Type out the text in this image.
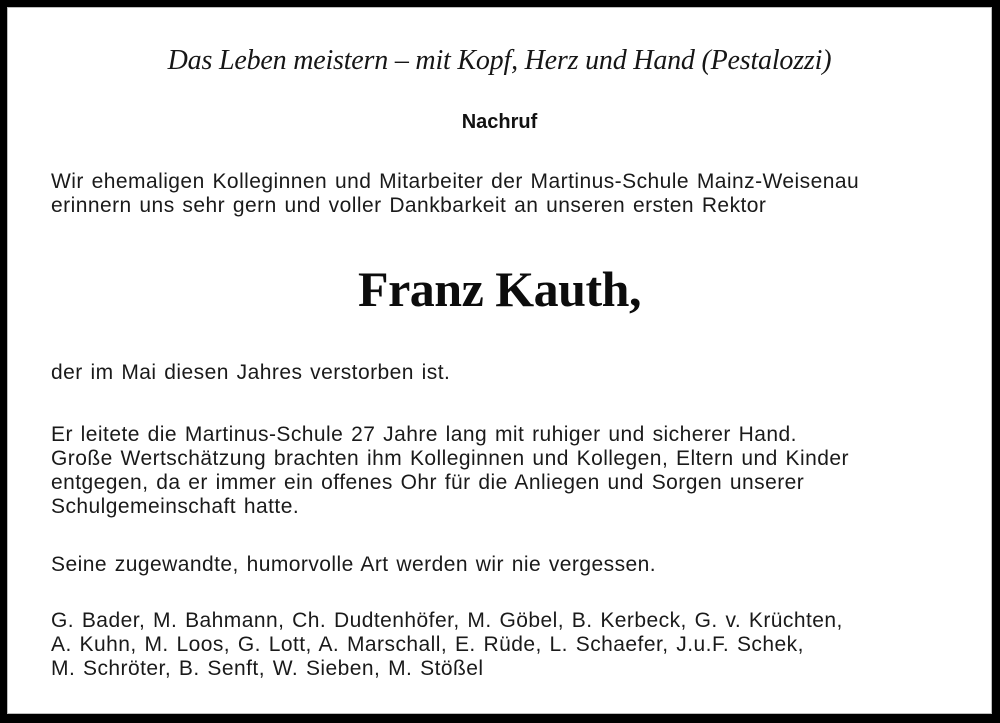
Das Leben meistern – mit Kopf, Herz und Hand (Pestalozzi)
Nachruf
Wir ehemaligen Kolleginnen und Mitarbeiter der Martinus-Schule Mainz-Weisenau
erinnern uns sehr gern und voller Dankbarkeit an unseren ersten Rektor
Franz Kauth,
der im Mai diesen Jahres verstorben ist.
Er leitete die Martinus-Schule 27 Jahre lang mit ruhiger und sicherer Hand.
Große Wertschätzung brachten ihm Kolleginnen und Kollegen, Eltern und Kinder
entgegen, da er immer ein offenes Ohr für die Anliegen und Sorgen unserer
Schulgemeinschaft hatte.
Seine zugewandte, humorvolle Art werden wir nie vergessen.
G. Bader, M. Bahmann, Ch. Dudtenhöfer, M. Göbel, B. Kerbeck, G. v. Krüchten,
A. Kuhn, M. Loos, G. Lott, A. Marschall, E. Rüde, L. Schaefer, J.u.F. Schek,
M. Schröter, B. Senft, W. Sieben, M. Stößel
